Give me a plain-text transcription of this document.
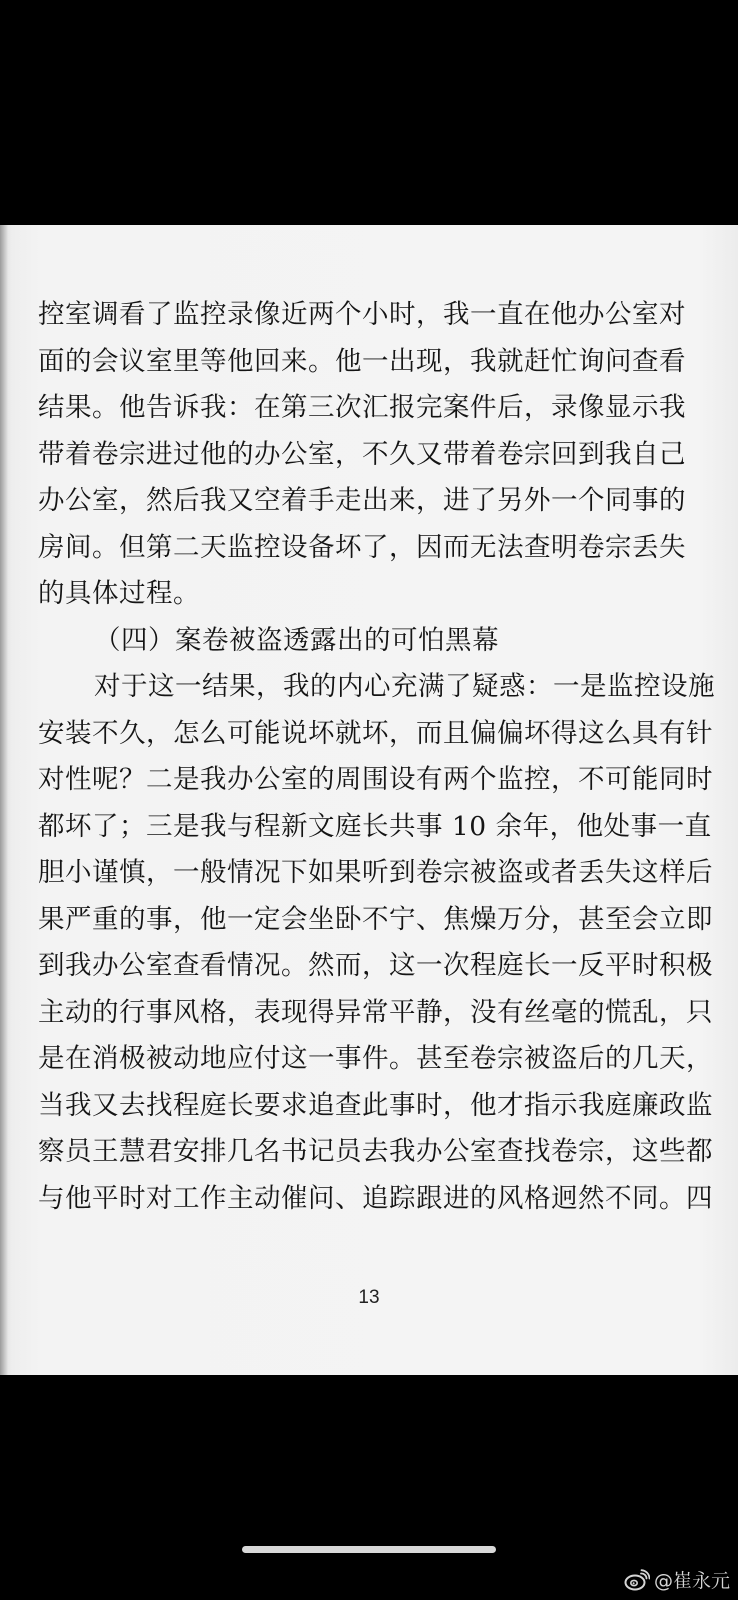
控室调看了监控录像近两个小时，我一直在他办公室对
面的会议室里等他回来。他一出现，我就赶忙询问查看
结果。他告诉我：在第三次汇报完案件后，录像显示我
带着卷宗进过他的办公室，不久又带着卷宗回到我自己
办公室，然后我又空着手走出来，进了另外一个同事的
房间。但第二天监控设备坏了，因而无法查明卷宗丢失
的具体过程。
（四）案卷被盗透露出的可怕黑幕
对于这一结果，我的内心充满了疑惑：一是监控设施
安装不久，怎么可能说坏就坏，而且偏偏坏得这么具有针
对性呢？二是我办公室的周围设有两个监控，不可能同时
都坏了；三是我与程新文庭长共事 10 余年，他处事一直
胆小谨慎，一般情况下如果听到卷宗被盗或者丢失这样后
果严重的事，他一定会坐卧不宁、焦燥万分，甚至会立即
到我办公室查看情况。然而，这一次程庭长一反平时积极
主动的行事风格，表现得异常平静，没有丝毫的慌乱，只
是在消极被动地应付这一事件。甚至卷宗被盗后的几天，
当我又去找程庭长要求追查此事时，他才指示我庭廉政监
察员王慧君安排几名书记员去我办公室查找卷宗，这些都
与他平时对工作主动催问、追踪跟进的风格迥然不同。四
13
@崔永元
